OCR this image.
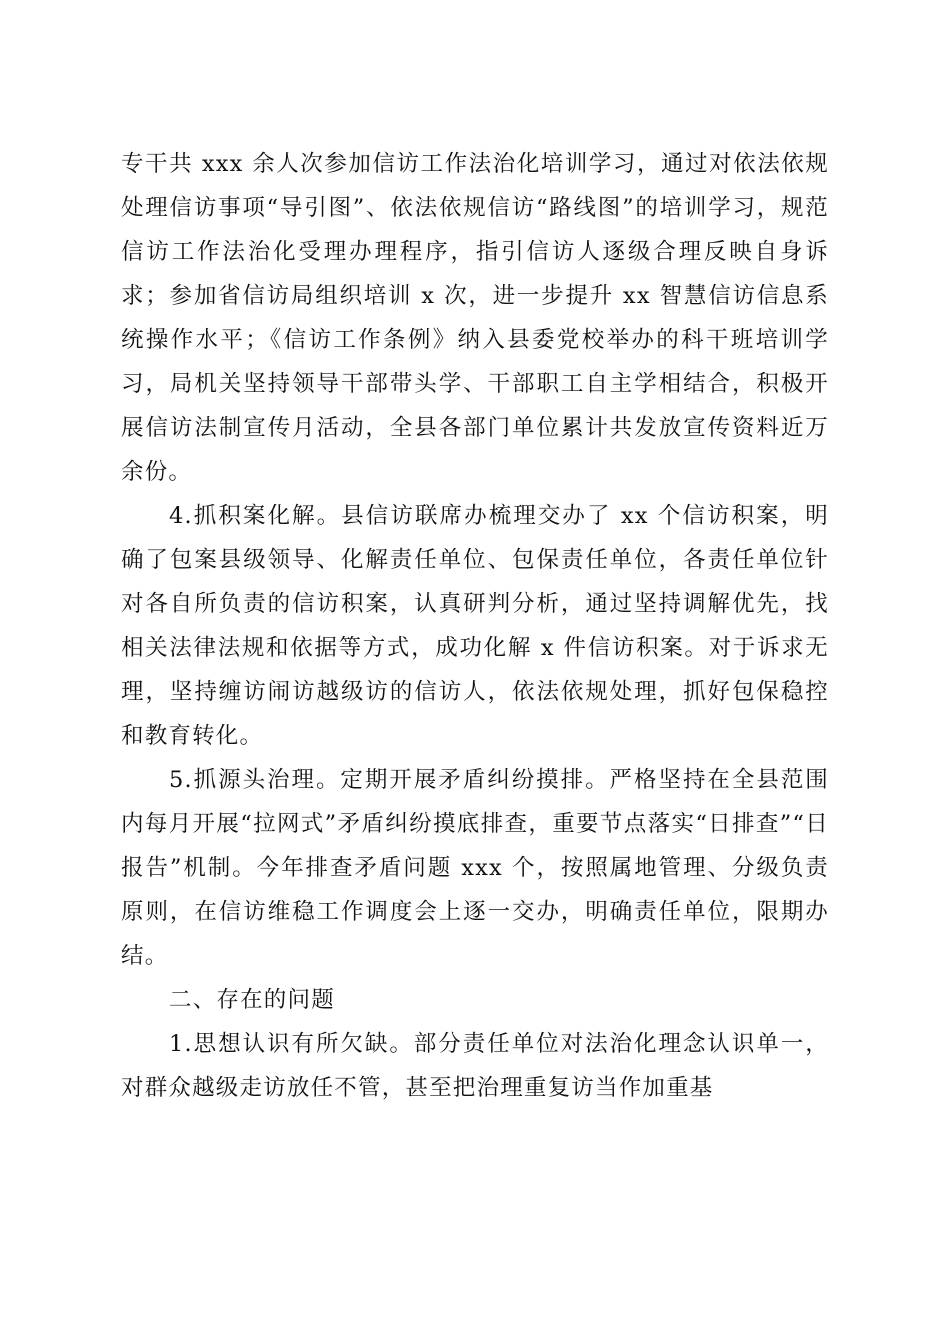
专干共 xxx 余人次参加信访工作法治化培训学习，通过对依法依规处理信访事项“导引图”、依法依规信访“路线图”的培训学习，规范信访工作法治化受理办理程序，指引信访人逐级合理反映自身诉求；参加省信访局组织培训 x 次，进一步提升 xx 智慧信访信息系统操作水平；《信访工作条例》纳入县委党校举办的科干班培训学习，局机关坚持领导干部带头学、干部职工自主学相结合，积极开展信访法制宣传月活动，全县各部门单位累计共发放宣传资料近万余份。

4.抓积案化解。县信访联席办梳理交办了 xx 个信访积案，明确了包案县级领导、化解责任单位、包保责任单位，各责任单位针对各自所负责的信访积案，认真研判分析，通过坚持调解优先，找相关法律法规和依据等方式，成功化解 x 件信访积案。对于诉求无理，坚持缠访闹访越级访的信访人，依法依规处理，抓好包保稳控和教育转化。

5.抓源头治理。定期开展矛盾纠纷摸排。严格坚持在全县范围内每月开展“拉网式”矛盾纠纷摸底排查，重要节点落实“日排查”“日报告”机制。今年排查矛盾问题 xxx 个，按照属地管理、分级负责原则，在信访维稳工作调度会上逐一交办，明确责任单位，限期办结。

二、存在的问题

1.思想认识有所欠缺。部分责任单位对法治化理念认识单一，对群众越级走访放任不管，甚至把治理重复访当作加重基
